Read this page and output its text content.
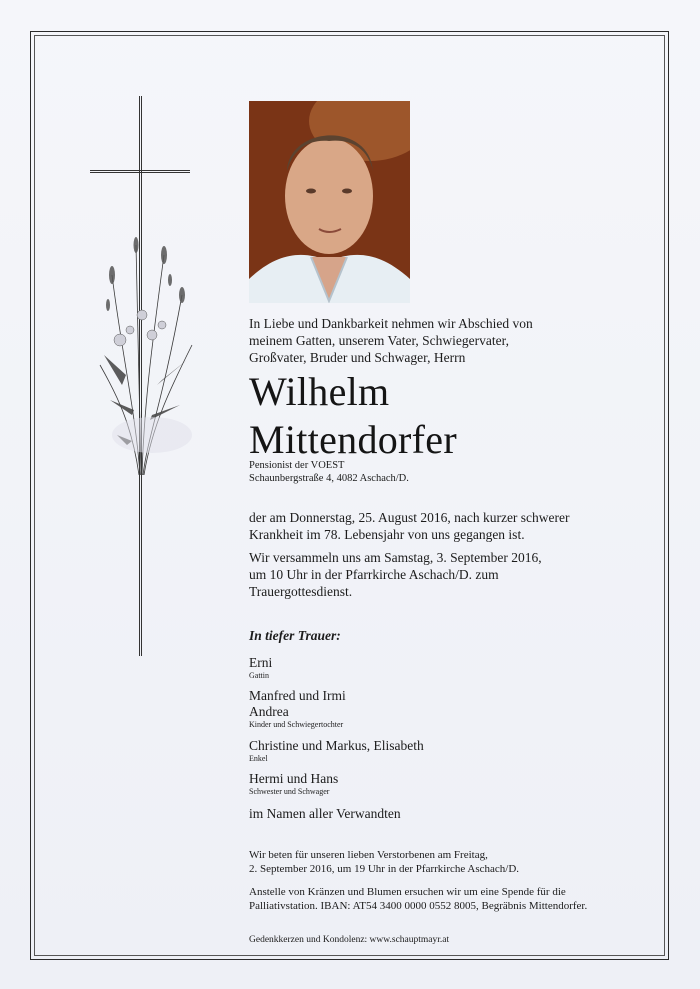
In Liebe und Dankbarkeit nehmen wir Abschied von
meinem Gatten, unserem Vater, Schwiegervater,
Großvater, Bruder und Schwager, Herrn
Wilhelm
Mittendorfer
Pensionist der VOEST
Schaunbergstraße 4, 4082 Aschach/D.
der am Donnerstag, 25. August 2016, nach kurzer schwerer
Krankheit im 78. Lebensjahr von uns gegangen ist.
Wir versammeln uns am Samstag, 3. September 2016,
um 10 Uhr in der Pfarrkirche Aschach/D. zum
Trauergottesdienst.
In tiefer Trauer:
Erni
Gattin
Manfred und Irmi
Andrea
Kinder und Schwiegertochter
Christine und Markus, Elisabeth
Enkel
Hermi und Hans
Schwester und Schwager
im Namen aller Verwandten
Wir beten für unseren lieben Verstorbenen am Freitag,
2. September 2016, um 19 Uhr in der Pfarrkirche Aschach/D.
Anstelle von Kränzen und Blumen ersuchen wir um eine Spende für die
Palliativstation. IBAN: AT54 3400 0000 0552 8005, Begräbnis Mittendorfer.
Gedenkkerzen und Kondolenz: www.schauptmayr.at
